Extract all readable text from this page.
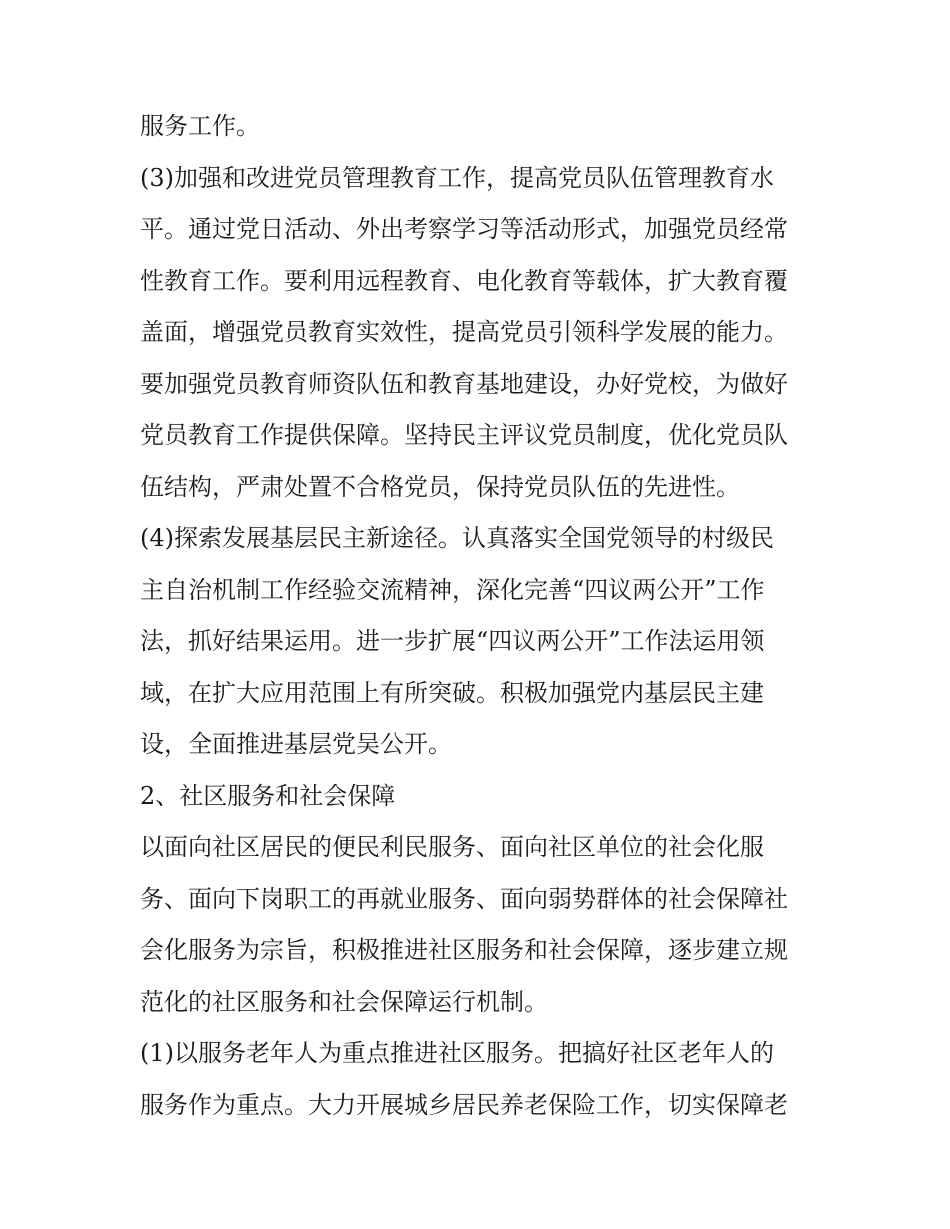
服务工作。
(3)加强和改进党员管理教育工作，提高党员队伍管理教育水
平。通过党日活动、外出考察学习等活动形式，加强党员经常
性教育工作。要利用远程教育、电化教育等载体，扩大教育覆
盖面，增强党员教育实效性，提高党员引领科学发展的能力。
要加强党员教育师资队伍和教育基地建设，办好党校，为做好
党员教育工作提供保障。坚持民主评议党员制度，优化党员队
伍结构，严肃处置不合格党员，保持党员队伍的先进性。
(4)探索发展基层民主新途径。认真落实全国党领导的村级民
主自治机制工作经验交流精神，深化完善“四议两公开”工作
法，抓好结果运用。进一步扩展“四议两公开”工作法运用领
域，在扩大应用范围上有所突破。积极加强党内基层民主建
设，全面推进基层党吴公开。
2、社区服务和社会保障
以面向社区居民的便民利民服务、面向社区单位的社会化服
务、面向下岗职工的再就业服务、面向弱势群体的社会保障社
会化服务为宗旨，积极推进社区服务和社会保障，逐步建立规
范化的社区服务和社会保障运行机制。
(1)以服务老年人为重点推进社区服务。把搞好社区老年人的
服务作为重点。大力开展城乡居民养老保险工作，切实保障老
